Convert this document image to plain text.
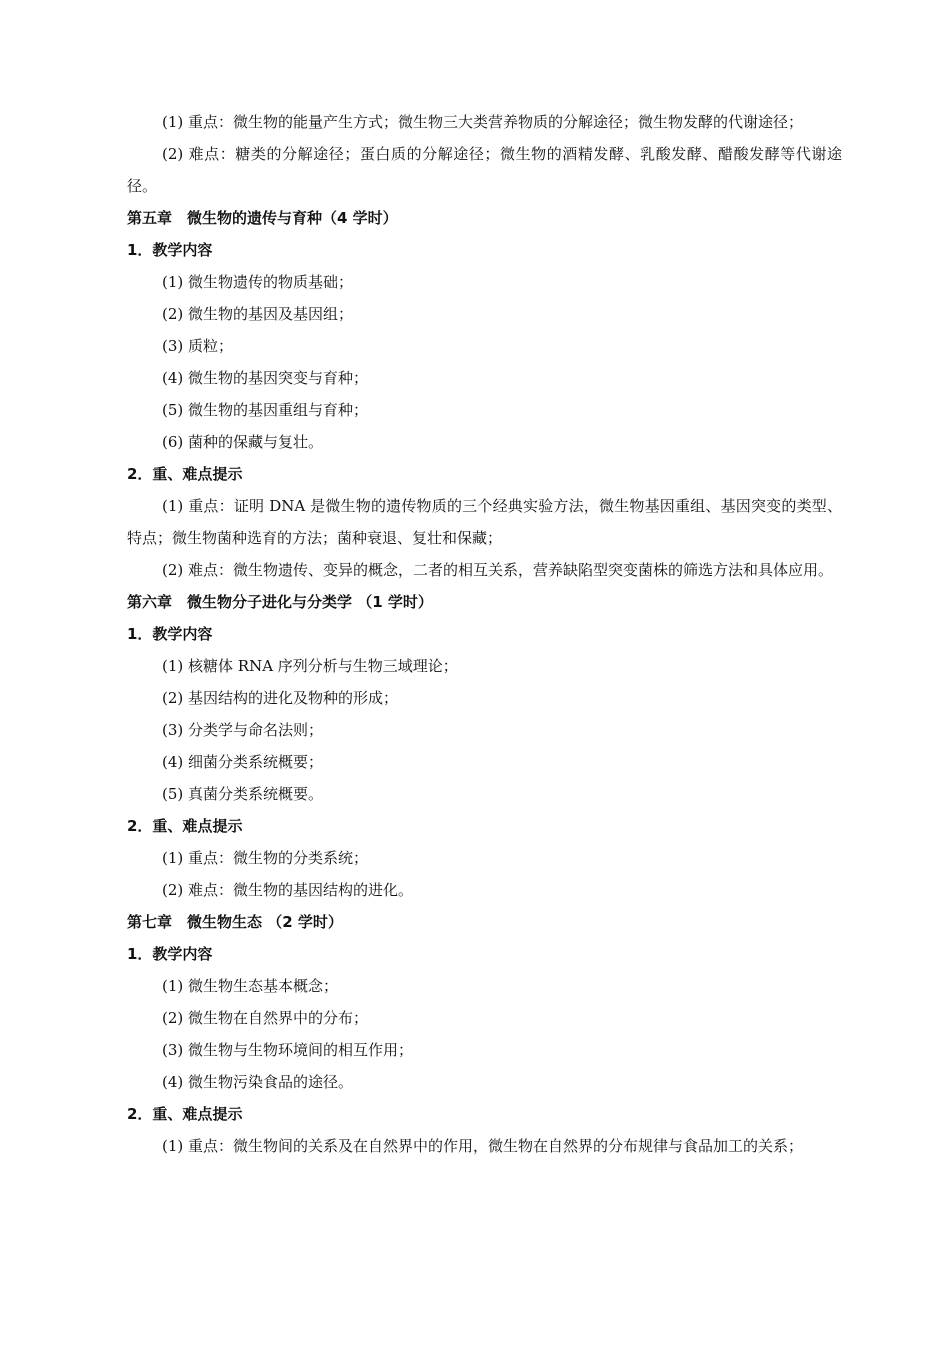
(1) 重点：微生物的能量产生方式；微生物三大类营养物质的分解途径；微生物发酵的代谢途径；
(2) 难点：糖类的分解途径；蛋白质的分解途径；微生物的酒精发酵、乳酸发酵、醋酸发酵等代谢途径。
第五章　微生物的遗传与育种（4 学时）
1．教学内容
(1) 微生物遗传的物质基础；
(2) 微生物的基因及基因组；
(3) 质粒；
(4) 微生物的基因突变与育种；
(5) 微生物的基因重组与育种；
(6) 菌种的保藏与复壮。
2．重、难点提示
(1) 重点：证明 DNA 是微生物的遗传物质的三个经典实验方法，微生物基因重组、基因突变的类型、特点；微生物菌种选育的方法；菌种衰退、复壮和保藏；
(2) 难点：微生物遗传、变异的概念，二者的相互关系，营养缺陷型突变菌株的筛选方法和具体应用。
第六章　微生物分子进化与分类学 （1 学时）
1．教学内容
(1) 核糖体 RNA 序列分析与生物三域理论；
(2) 基因结构的进化及物种的形成；
(3) 分类学与命名法则；
(4) 细菌分类系统概要；
(5) 真菌分类系统概要。
2．重、难点提示
(1) 重点：微生物的分类系统；
(2) 难点：微生物的基因结构的进化。
第七章　微生物生态 （2 学时）
1．教学内容
(1) 微生物生态基本概念；
(2) 微生物在自然界中的分布；
(3) 微生物与生物环境间的相互作用；
(4) 微生物污染食品的途径。
2．重、难点提示
(1) 重点：微生物间的关系及在自然界中的作用，微生物在自然界的分布规律与食品加工的关系；
